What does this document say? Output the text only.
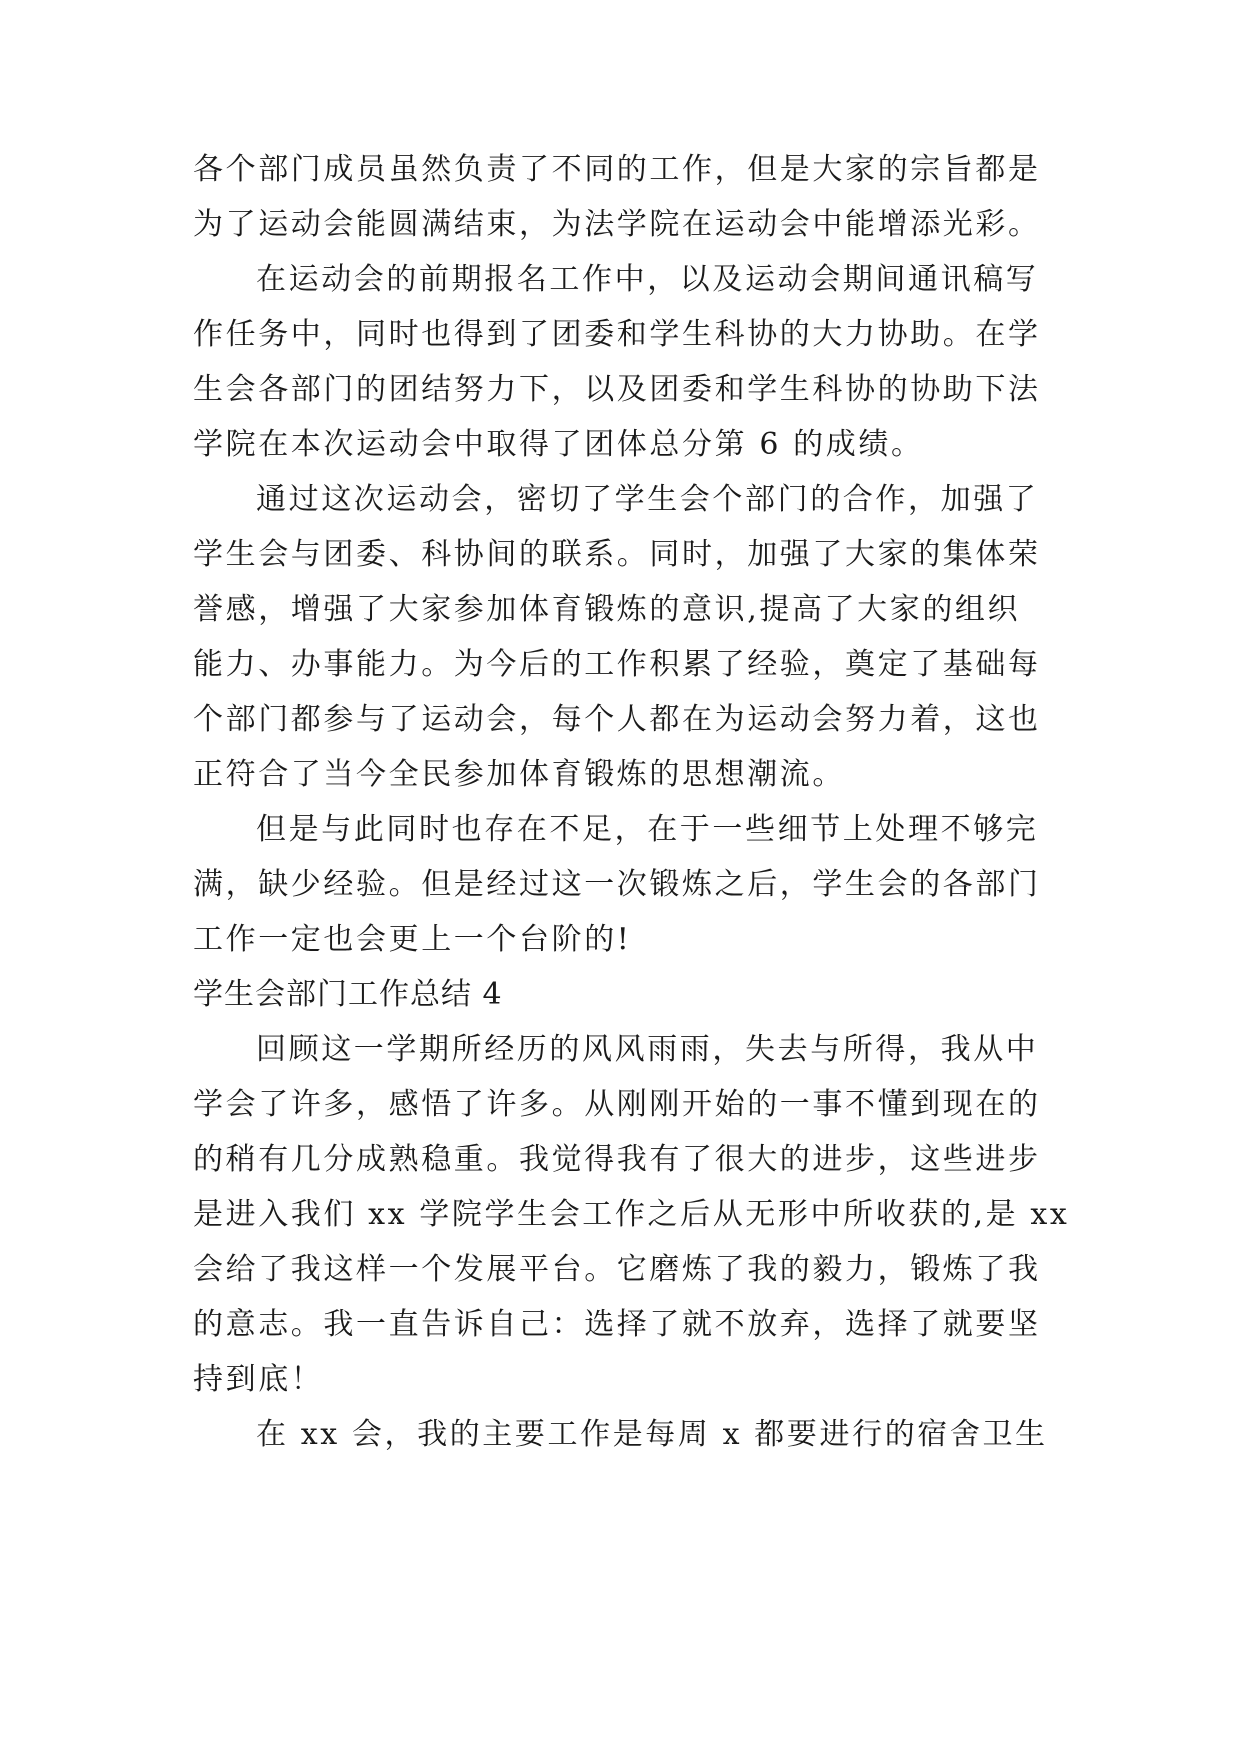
各个部门成员虽然负责了不同的工作，但是大家的宗旨都是
为了运动会能圆满结束，为法学院在运动会中能增添光彩。
在运动会的前期报名工作中，以及运动会期间通讯稿写
作任务中，同时也得到了团委和学生科协的大力协助。在学
生会各部门的团结努力下，以及团委和学生科协的协助下法
学院在本次运动会中取得了团体总分第 6 的成绩。
通过这次运动会，密切了学生会个部门的合作，加强了
学生会与团委、科协间的联系。同时，加强了大家的集体荣
誉感，增强了大家参加体育锻炼的意识,提高了大家的组织
能力、办事能力。为今后的工作积累了经验，奠定了基础每
个部门都参与了运动会，每个人都在为运动会努力着，这也
正符合了当今全民参加体育锻炼的思想潮流。
但是与此同时也存在不足，在于一些细节上处理不够完
满，缺少经验。但是经过这一次锻炼之后，学生会的各部门
工作一定也会更上一个台阶的!
学生会部门工作总结 4
回顾这一学期所经历的风风雨雨，失去与所得，我从中
学会了许多，感悟了许多。从刚刚开始的一事不懂到现在的
的稍有几分成熟稳重。我觉得我有了很大的进步，这些进步
是进入我们 xx 学院学生会工作之后从无形中所收获的,是 xx
会给了我这样一个发展平台。它磨炼了我的毅力，锻炼了我
的意志。我一直告诉自己：选择了就不放弃，选择了就要坚
持到底！
在 xx 会，我的主要工作是每周 x 都要进行的宿舍卫生
